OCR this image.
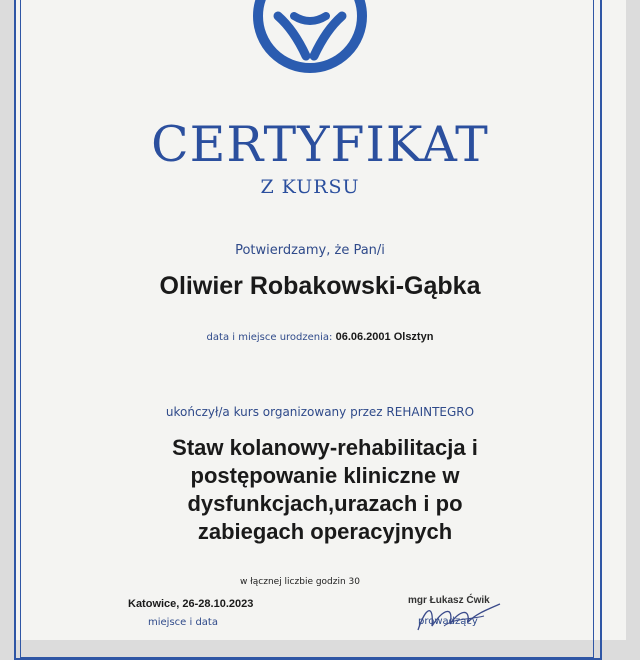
CERTYFIKAT
Z KURSU
Potwierdzamy, że Pan/i
Oliwier Robakowski-Gąbka
data i miejsce urodzenia: 06.06.2001 Olsztyn
ukończył/a kurs organizowany przez REHAINTEGRO
Staw kolanowy-rehabilitacja i
postępowanie kliniczne w
dysfunkcjach,urazach i po
zabiegach operacyjnych
w łącznej liczbie godzin 30
Katowice, 26-28.10.2023
miejsce i data	prowadzący
mgr Łukasz Ćwik
